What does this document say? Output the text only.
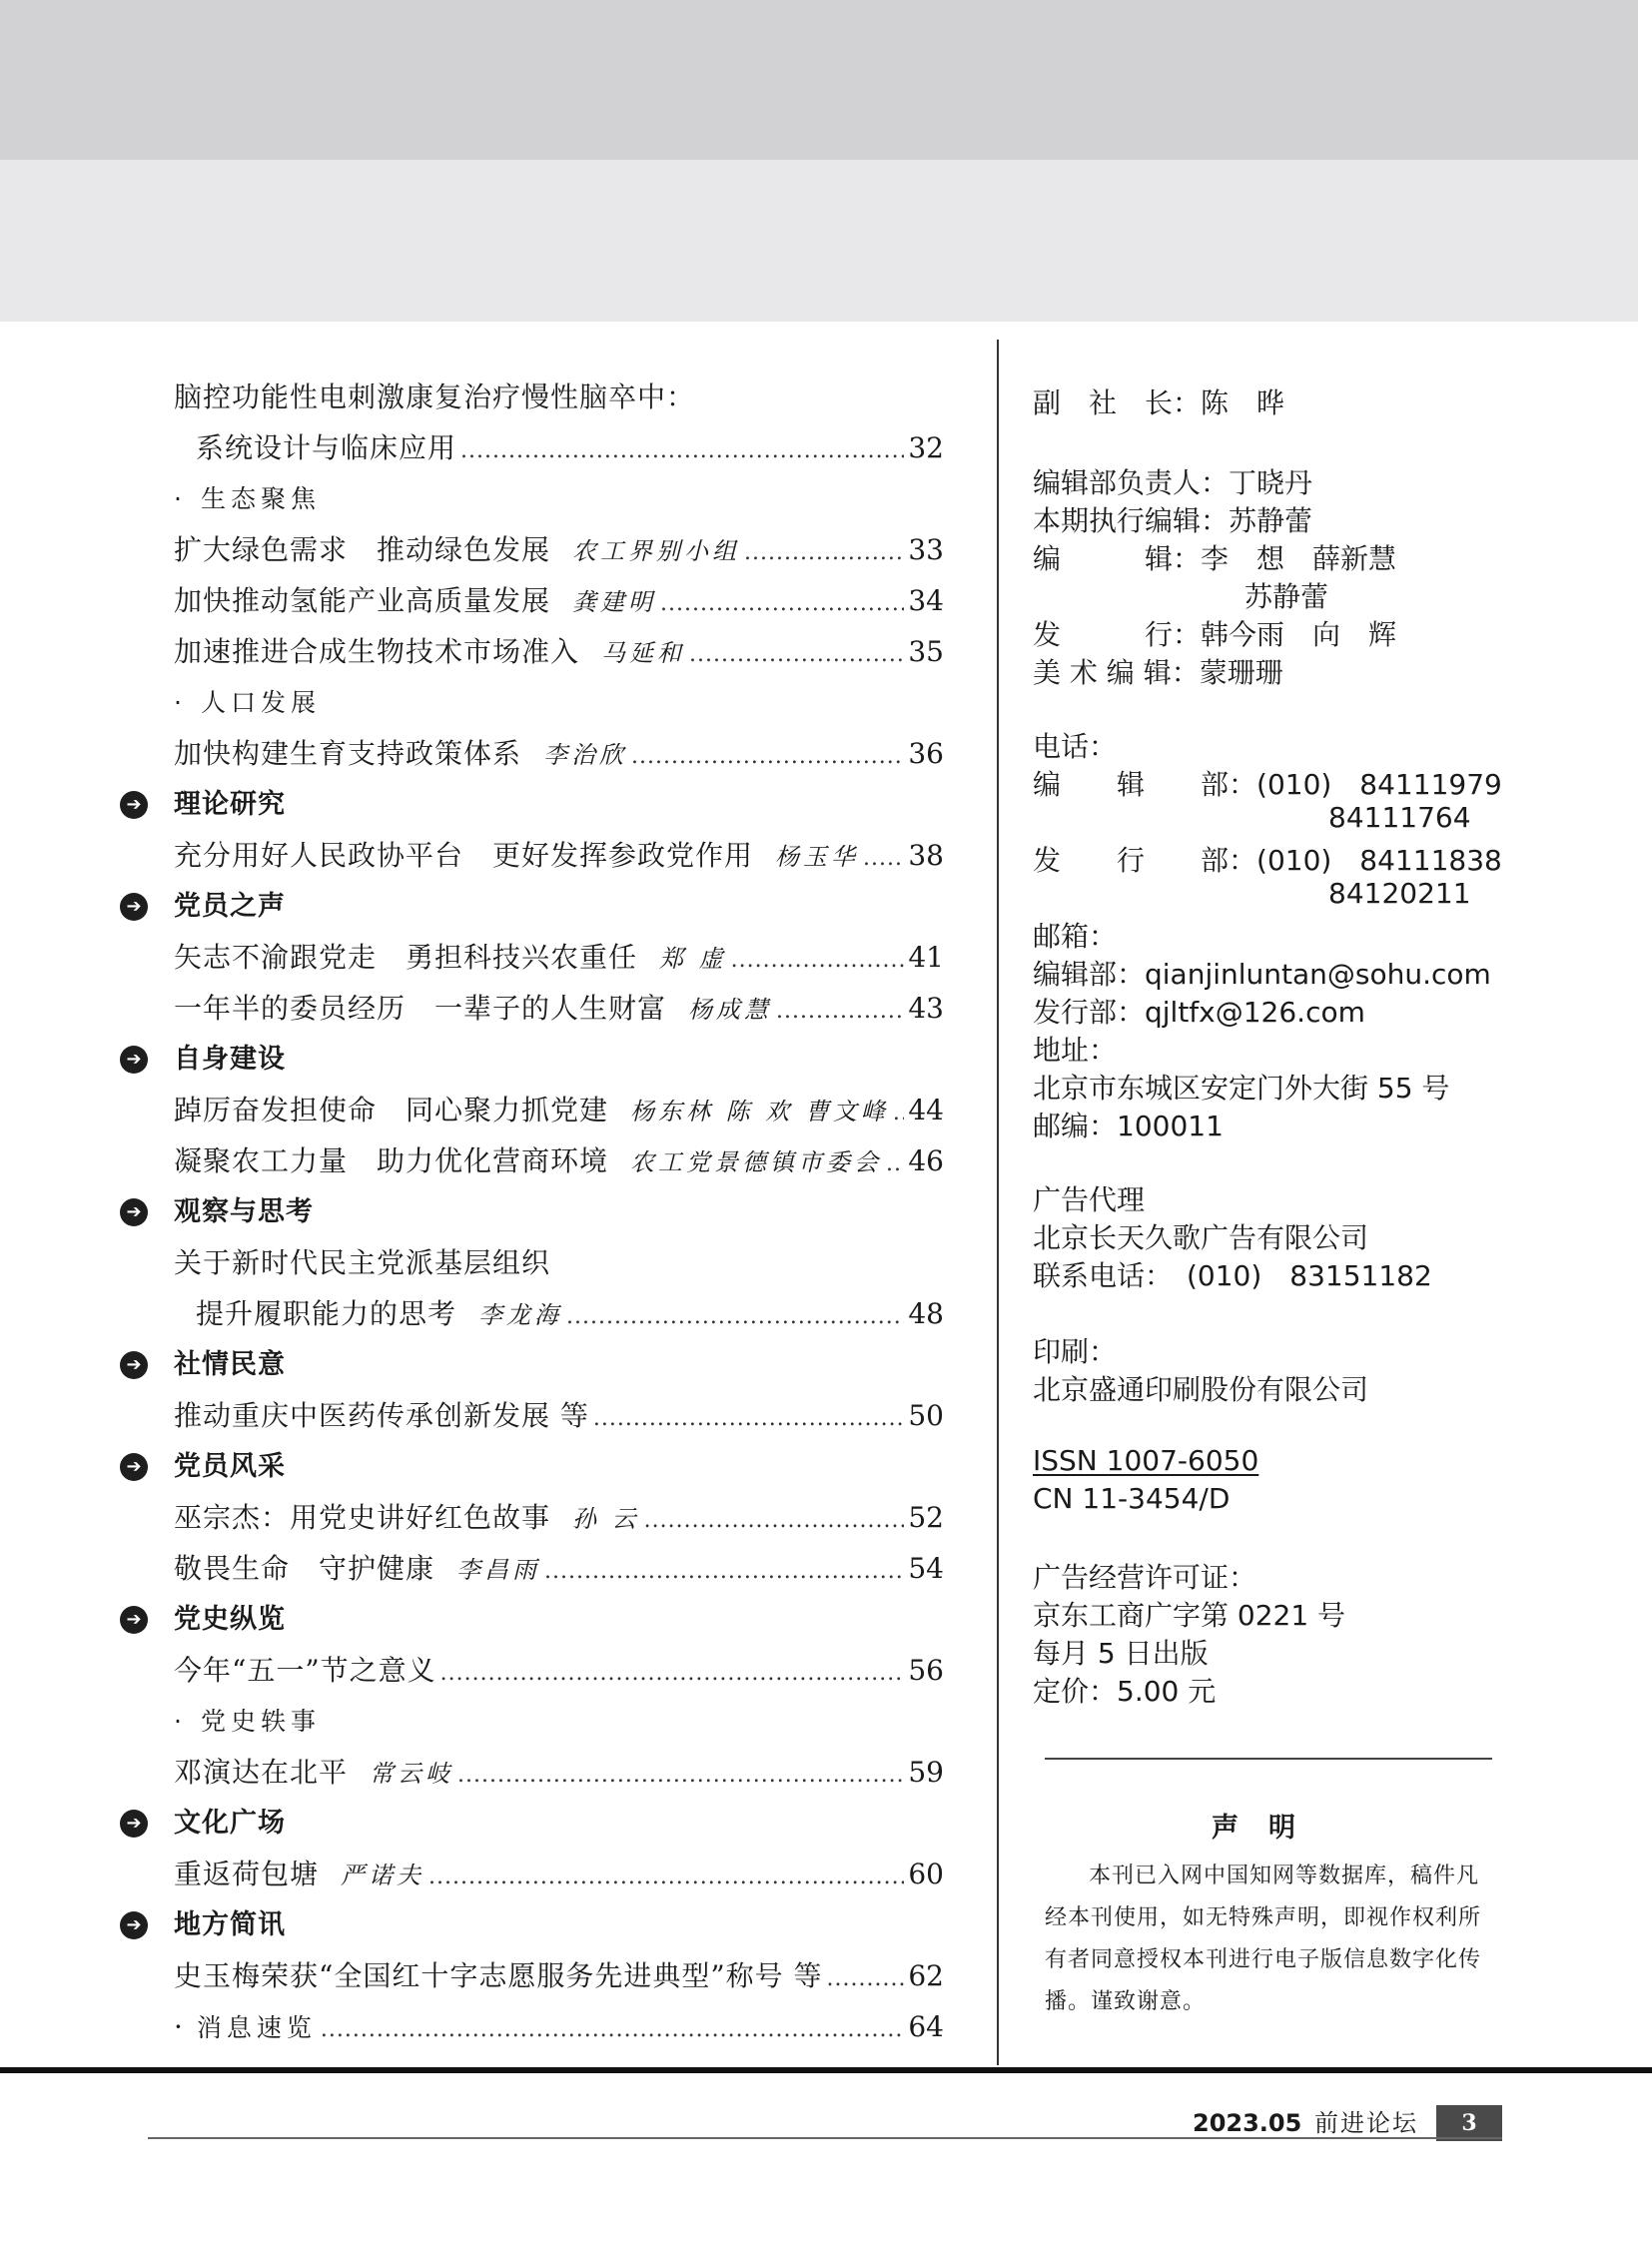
脑控功能性电刺激康复治疗慢性脑卒中：
系统设计与临床应用 .....	32
· 生态聚焦
扩大绿色需求　推动绿色发展 农工界别小组 .....	33
加快推动氢能产业高质量发展 龚建明 .....	34
加速推进合成生物技术市场准入 马延和 .....	35
· 人口发展
加快构建生育支持政策体系 李治欣 .....	36
➔ 理论研究
充分用好人民政协平台　更好发挥参政党作用 杨玉华 ..... 38
➔ 党员之声
矢志不渝跟党走　勇担科技兴农重任 郑 虚 .....	41
一年半的委员经历　一辈子的人生财富 杨成慧 .....	43
➔ 自身建设
踔厉奋发担使命　同心聚力抓党建 杨东林 陈 欢 曹文峰 ..... 44
凝聚农工力量　助力优化营商环境 农工党景德镇市委会 ..... 46
➔ 观察与思考
关于新时代民主党派基层组织
提升履职能力的思考 李龙海 .....	48
➔ 社情民意
推动重庆中医药传承创新发展 等 .....	50
➔ 党员风采
巫宗杰：用党史讲好红色故事 孙 云 .....	52
敬畏生命　守护健康 李昌雨 .....	54
➔ 党史纵览
今年“五一”节之意义 .....	56
· 党史轶事
邓演达在北平 常云岐 .....	59
➔ 文化广场
重返荷包塘 严诺夫 .....	60
➔ 地方简讯
史玉梅荣获“全国红十字志愿服务先进典型”称号 等 .....	62
· 消息速览 .....	64
副　社　长：陈　晔
编辑部负责人：丁晓丹
本期执行编辑：苏静蕾
编　　　辑：李　想　薛新慧
苏静蕾
发　　　行：韩今雨　向　辉
美 术 编 辑：蒙珊珊
电话：
编　　辑　　部：(010)　84111979
84111764
发　　行　　部：(010)　84111838
84120211
邮箱：
编辑部：qianjinluntan@sohu.com
发行部：qjltfx@126.com
地址：
北京市东城区安定门外大街 55 号
邮编：100011
广告代理
北京长天久歌广告有限公司
联系电话：　(010)　83151182
印刷：
北京盛通印刷股份有限公司
ISSN 1007-6050
CN 11-3454/D
广告经营许可证：
京东工商广字第 0221 号
每月 5 日出版
定价：5.00 元
声明
本刊已入网中国知网等数据库，稿件凡经本刊使用，如无特殊声明，即视作权利所有者同意授权本刊进行电子版信息数字化传播。谨致谢意。
2023.05 前进论坛	3
